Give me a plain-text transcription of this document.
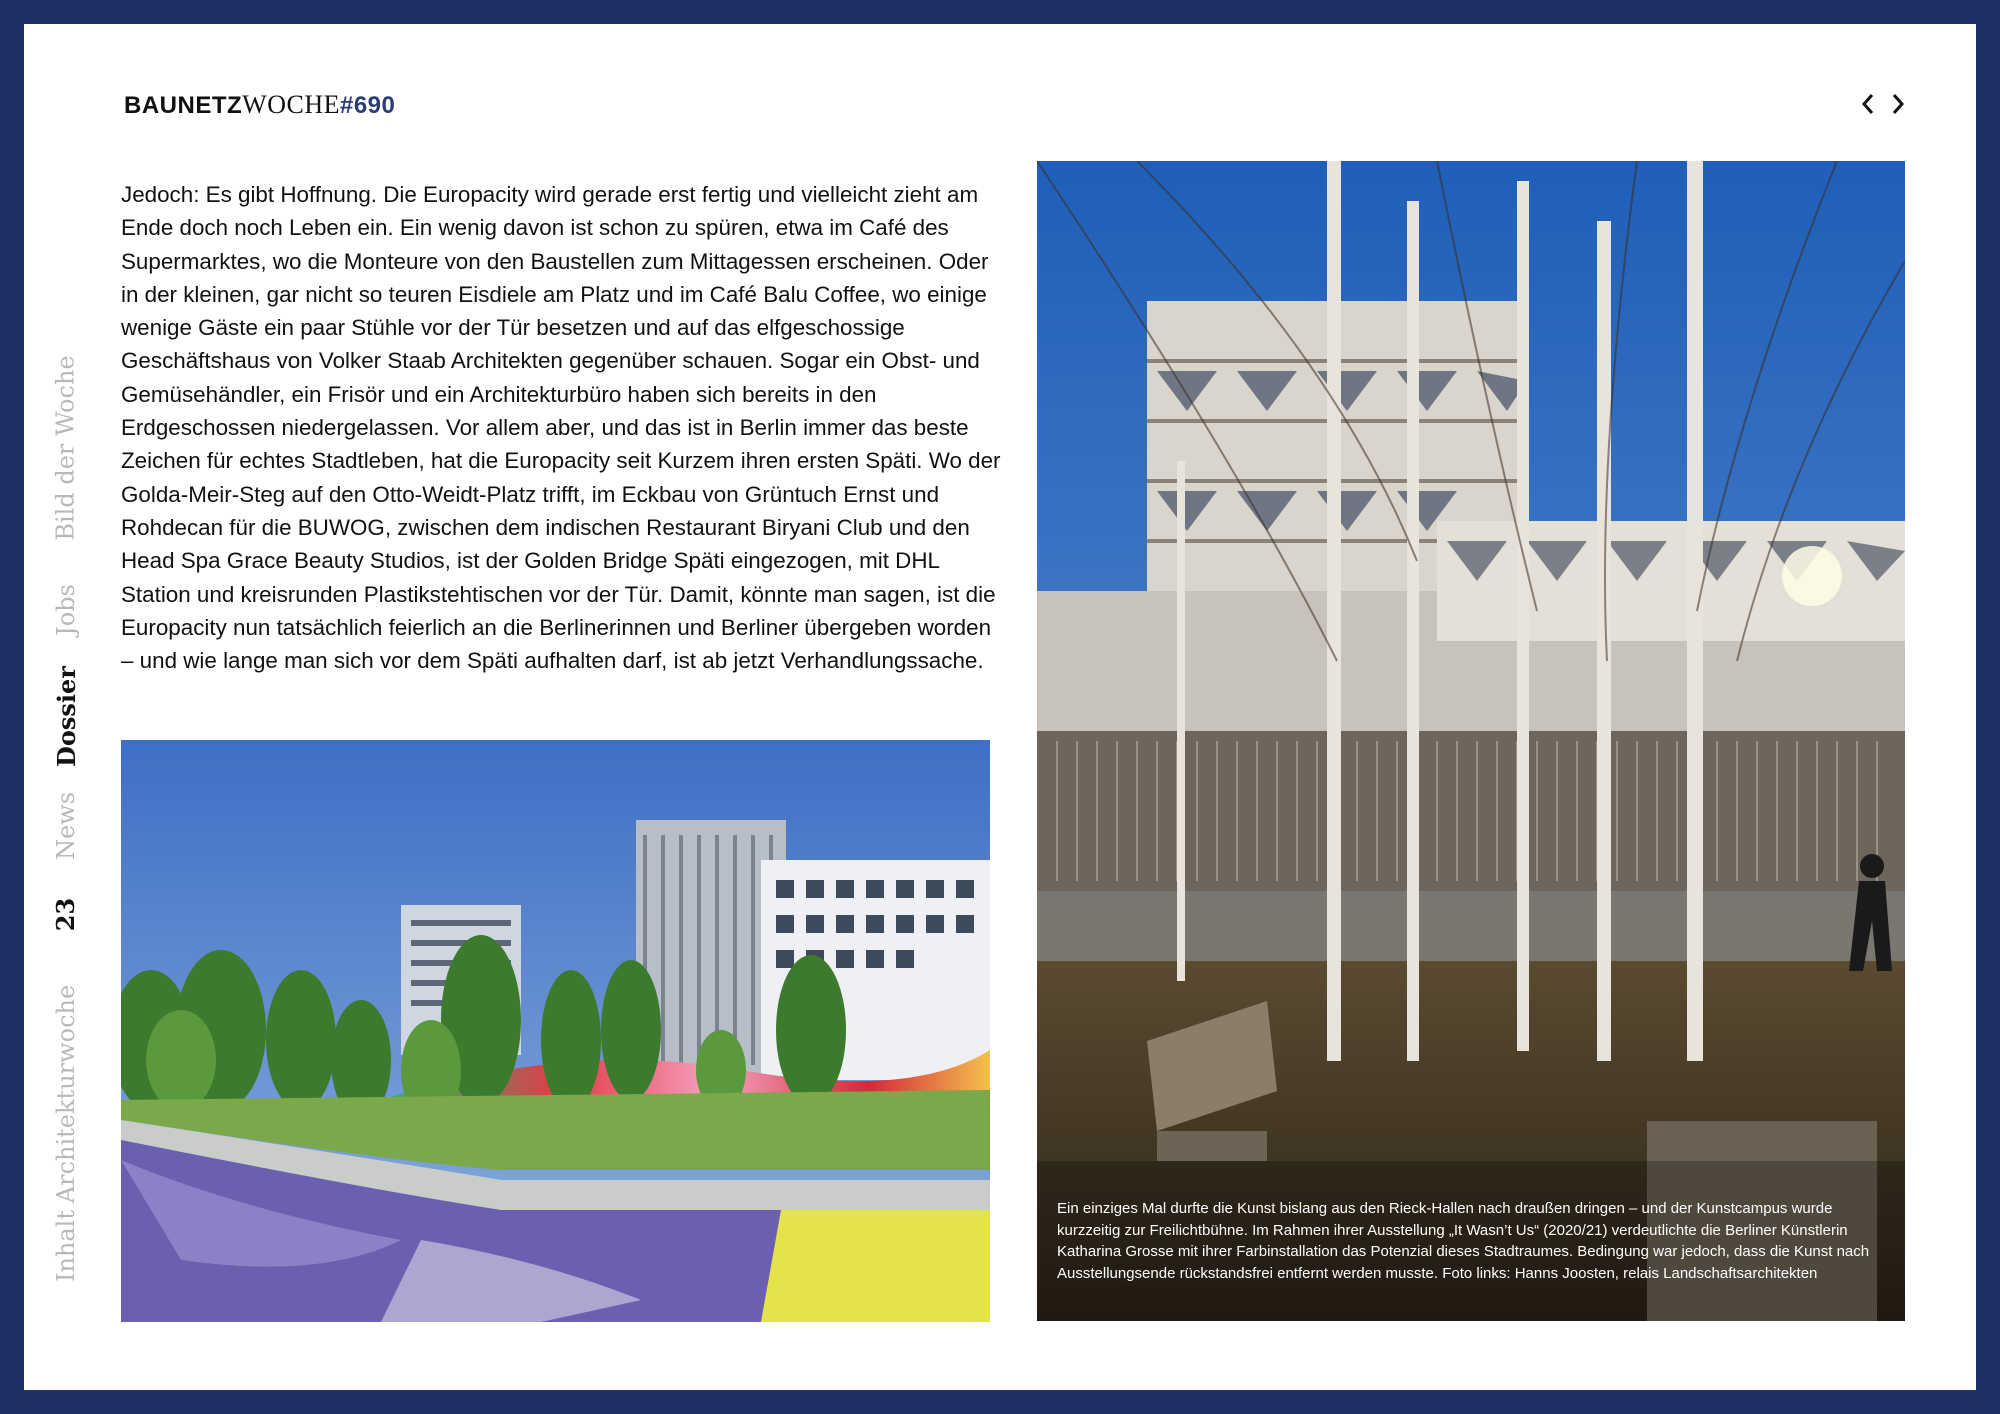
BAUNETZWOCHE#690
Inhalt
Architekturwoche
23
News
Dossier
Jobs
Bild der Woche

Jedoch: Es gibt Hoffnung. Die Europacity wird gerade erst fertig und vielleicht zieht am Ende doch noch Leben ein. Ein wenig davon ist schon zu spüren, etwa im Café des Supermarktes, wo die Monteure von den Baustellen zum Mittagessen erscheinen. Oder in der kleinen, gar nicht so teuren Eisdiele am Platz und im Café Balu Coffee, wo einige wenige Gäste ein paar Stühle vor der Tür besetzen und auf das elfgeschossige Geschäftshaus von Volker Staab Architekten gegenüber schauen. Sogar ein Obst- und Gemüsehändler, ein Frisör und ein Architekturbüro haben sich bereits in den Erdgeschossen niedergelassen. Vor allem aber, und das ist in Berlin immer das beste Zeichen für echtes Stadtleben, hat die Europacity seit Kurzem ihren ersten Späti. Wo der Golda-Meir-Steg auf den Otto-Weidt-Platz trifft, im Eckbau von Grüntuch Ernst und Rohdecan für die BUWOG, zwischen dem indischen Restaurant Biryani Club und den Head Spa Grace Beauty Studios, ist der Golden Bridge Späti eingezogen, mit DHL Station und kreisrunden Plastikstehtischen vor der Tür. Damit, könnte man sagen, ist die Europacity nun tatsächlich feierlich an die Berlinerinnen und Berliner übergeben worden – und wie lange man sich vor dem Späti aufhalten darf, ist ab jetzt Verhandlungssache.

Ein einziges Mal durfte die Kunst bislang aus den Rieck-Hallen nach draußen dringen – und der Kunstcampus wurde kurzzeitig zur Freilichtbühne. Im Rahmen ihrer Ausstellung „It Wasn’t Us“ (2020/21) verdeutlichte die Berliner Künstlerin Katharina Grosse mit ihrer Farbinstallation das Potenzial dieses Stadtraumes. Bedingung war jedoch, dass die Kunst nach Ausstellungsende rückstandsfrei entfernt werden musste. Foto links: Hanns Joosten, relais Landschaftsarchitekten
